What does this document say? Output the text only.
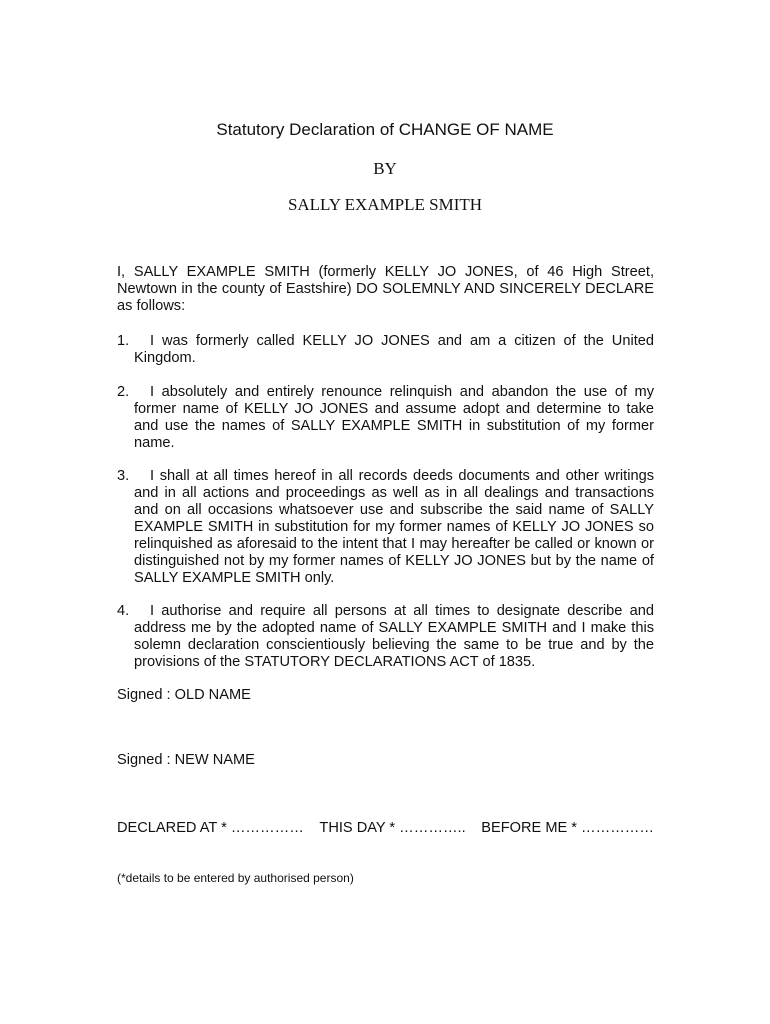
Statutory Declaration of CHANGE OF NAME
BY
SALLY EXAMPLE SMITH

I, SALLY EXAMPLE SMITH (formerly KELLY JO JONES, of 46 High Street, Newtown in the county of Eastshire) DO SOLEMNLY AND SINCERELY DECLARE as follows:

1.	I was formerly called KELLY JO JONES and am a citizen of the United Kingdom.
2.	I absolutely and entirely renounce relinquish and abandon the use of my former name of KELLY JO JONES and assume adopt and determine to take and use the names of SALLY EXAMPLE SMITH in substitution of my former name.
3.	I shall at all times hereof in all records deeds documents and other writings and in all actions and proceedings as well as in all dealings and transactions and on all occasions whatsoever use and subscribe the said name of SALLY EXAMPLE SMITH in substitution for my former names of KELLY JO JONES so relinquished as aforesaid to the intent that I may hereafter be called or known or distinguished not by my former names of KELLY JO JONES but by the name of SALLY EXAMPLE SMITH only.
4.	I authorise and require all persons at all times to designate describe and address me by the adopted name of SALLY EXAMPLE SMITH and I make this solemn declaration conscientiously believing the same to be true and by the provisions of the STATUTORY DECLARATIONS ACT of 1835.
Signed : OLD NAME
Signed : NEW NAME
DECLARED AT * …………… THIS DAY * ………….. BEFORE ME * ……………
(*details to be entered by authorised person)
